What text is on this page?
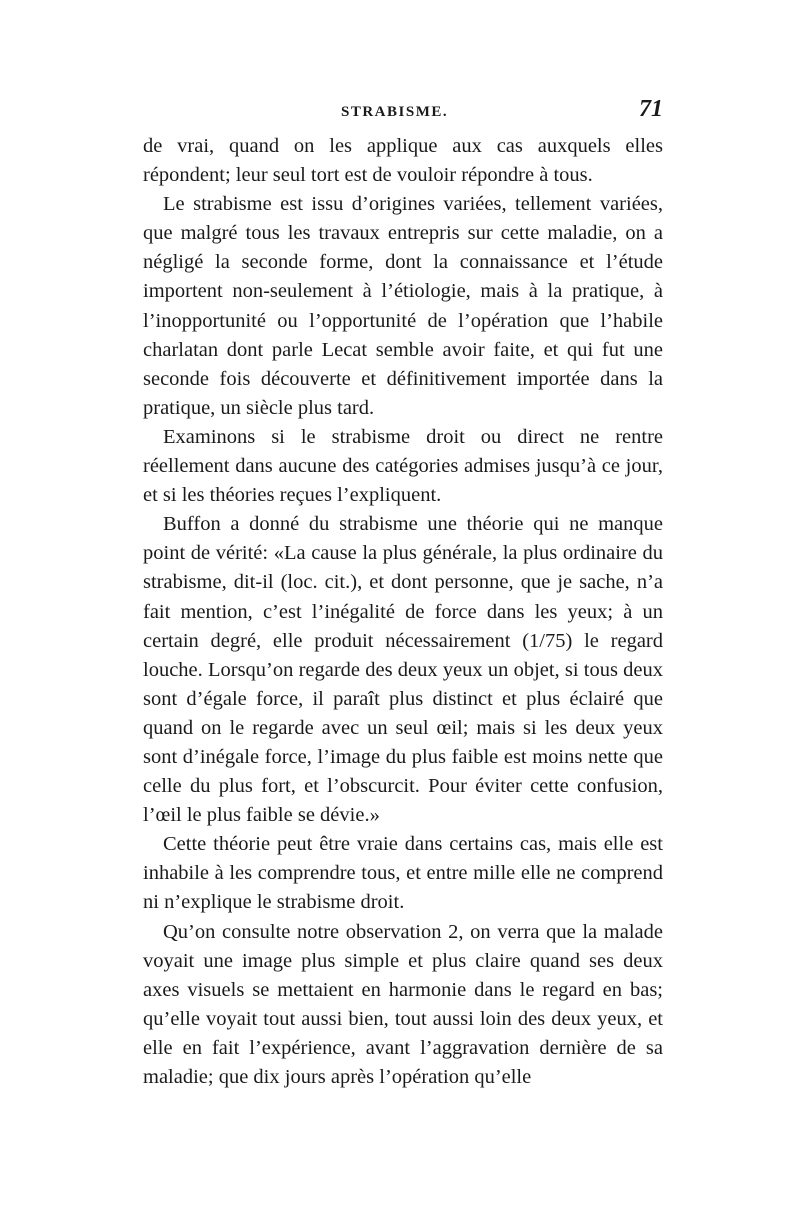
STRABISME.	71

de vrai, quand on les applique aux cas auxquels elles répondent; leur seul tort est de vouloir répondre à tous.

Le strabisme est issu d’origines variées, tellement variées, que malgré tous les travaux entrepris sur cette maladie, on a négligé la seconde forme, dont la connaissance et l’étude importent non-seulement à l’étiologie, mais à la pratique, à l’inopportunité ou l’opportunité de l’opération que l’habile charlatan dont parle Lecat semble avoir faite, et qui fut une seconde fois découverte et définitivement importée dans la pratique, un siècle plus tard.

Examinons si le strabisme droit ou direct ne rentre réellement dans aucune des catégories admises jusqu’à ce jour, et si les théories reçues l’expliquent.

Buffon a donné du strabisme une théorie qui ne manque point de vérité: «La cause la plus générale, la plus ordinaire du strabisme, dit-il (loc. cit.), et dont personne, que je sache, n’a fait mention, c’est l’inégalité de force dans les yeux; à un certain degré, elle produit nécessairement (1/75) le regard louche. Lorsqu’on regarde des deux yeux un objet, si tous deux sont d’égale force, il paraît plus distinct et plus éclairé que quand on le regarde avec un seul œil; mais si les deux yeux sont d’inégale force, l’image du plus faible est moins nette que celle du plus fort, et l’obscurcit. Pour éviter cette confusion, l’œil le plus faible se dévie.»

Cette théorie peut être vraie dans certains cas, mais elle est inhabile à les comprendre tous, et entre mille elle ne comprend ni n’explique le strabisme droit.

Qu’on consulte notre observation 2, on verra que la malade voyait une image plus simple et plus claire quand ses deux axes visuels se mettaient en harmonie dans le regard en bas; qu’elle voyait tout aussi bien, tout aussi loin des deux yeux, et elle en fait l’expérience, avant l’aggravation dernière de sa maladie; que dix jours après l’opération qu’elle
